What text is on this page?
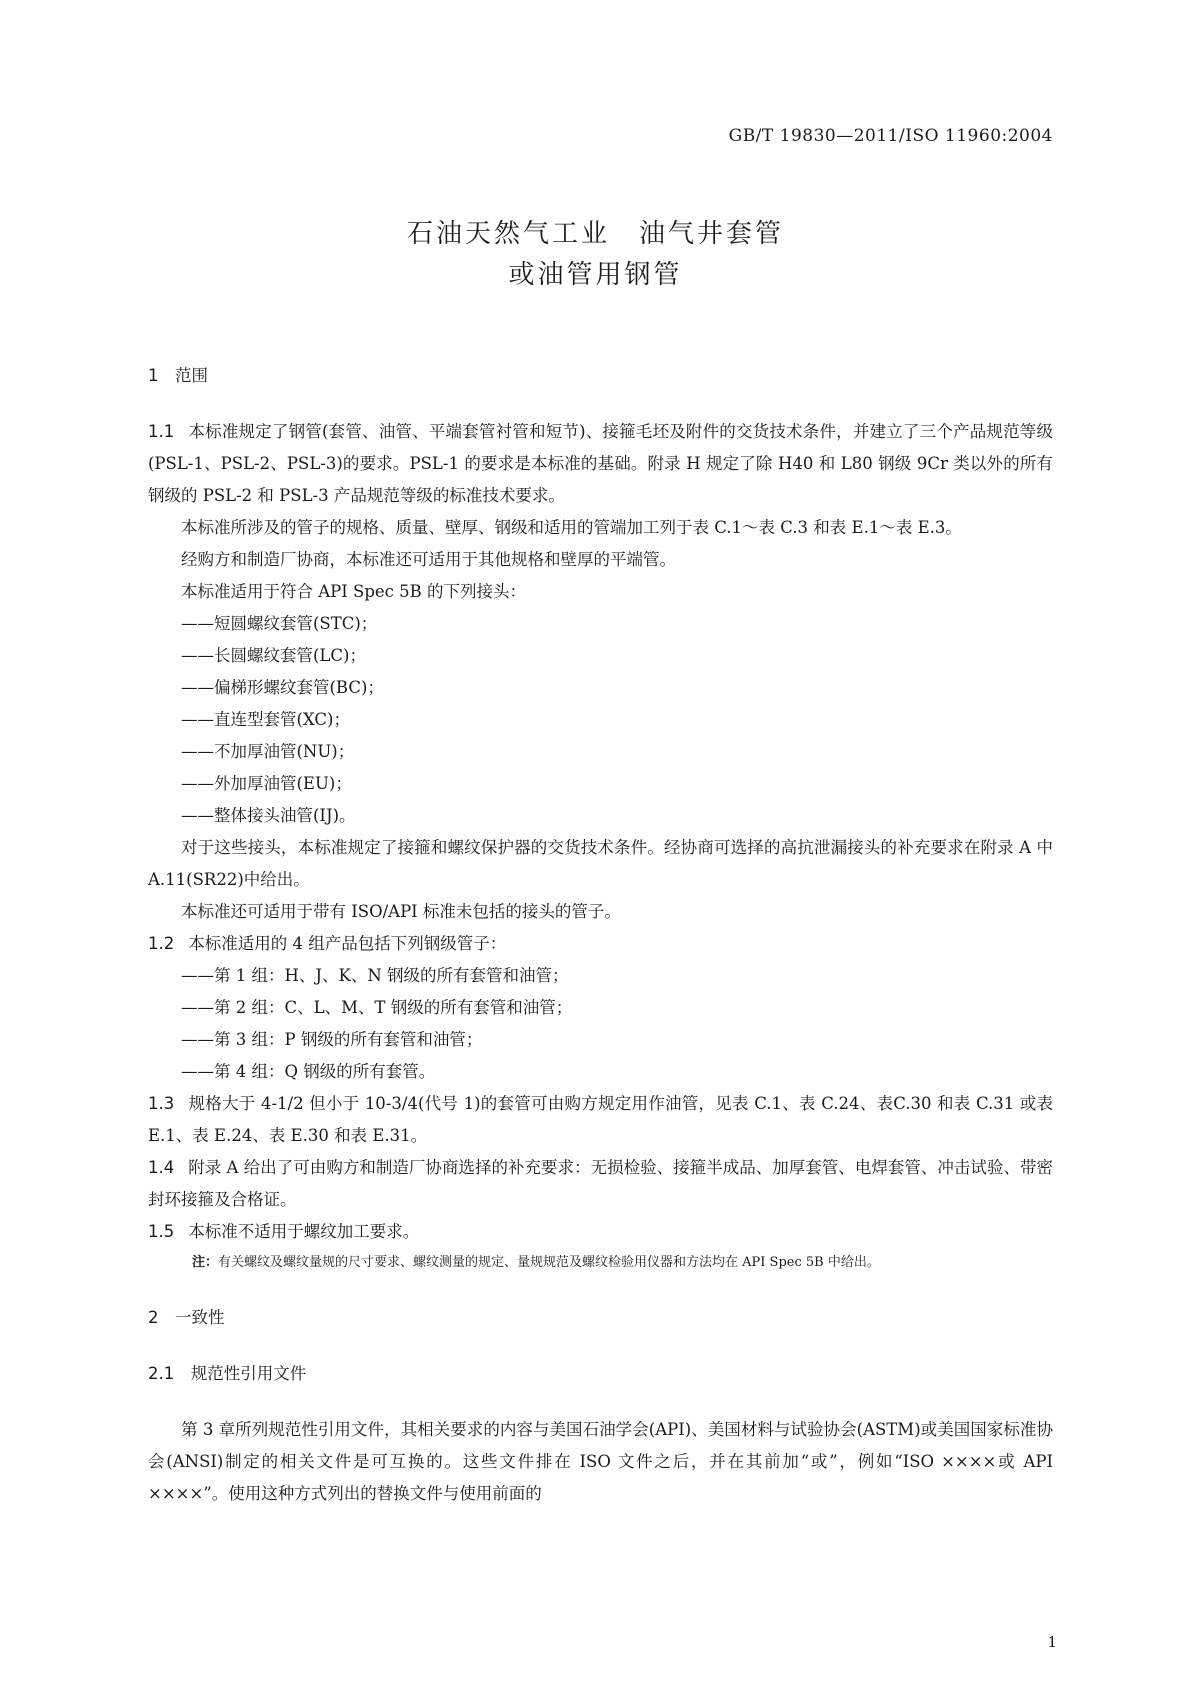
GB/T 19830—2011/ISO 11960:2004
石油天然气工业　油气井套管
或油管用钢管

1　范围

1.1 本标准规定了钢管(套管、油管、平端套管衬管和短节)、接箍毛坯及附件的交货技术条件，并建立了三个产品规范等级(PSL-1、PSL-2、PSL-3)的要求。PSL-1 的要求是本标准的基础。附录 H 规定了除 H40 和 L80 钢级 9Cr 类以外的所有钢级的 PSL-2 和 PSL-3 产品规范等级的标准技术要求。

本标准所涉及的管子的规格、质量、壁厚、钢级和适用的管端加工列于表 C.1～表 C.3 和表 E.1～表 E.3。

经购方和制造厂协商，本标准还可适用于其他规格和壁厚的平端管。

本标准适用于符合 API Spec 5B 的下列接头：

——短圆螺纹套管(STC)；

——长圆螺纹套管(LC)；

——偏梯形螺纹套管(BC)；

——直连型套管(XC)；

——不加厚油管(NU)；

——外加厚油管(EU)；

——整体接头油管(IJ)。

对于这些接头，本标准规定了接箍和螺纹保护器的交货技术条件。经协商可选择的高抗泄漏接头的补充要求在附录 A 中 A.11(SR22)中给出。

本标准还可适用于带有 ISO/API 标准未包括的接头的管子。

1.2 本标准适用的 4 组产品包括下列钢级管子：

——第 1 组：H、J、K、N 钢级的所有套管和油管；

——第 2 组：C、L、M、T 钢级的所有套管和油管；

——第 3 组：P 钢级的所有套管和油管；

——第 4 组：Q 钢级的所有套管。

1.3 规格大于 4-1/2 但小于 10-3/4(代号 1)的套管可由购方规定用作油管，见表 C.1、表 C.24、表C.30 和表 C.31 或表 E.1、表 E.24、表 E.30 和表 E.31。

1.4 附录 A 给出了可由购方和制造厂协商选择的补充要求：无损检验、接箍半成品、加厚套管、电焊套管、冲击试验、带密封环接箍及合格证。

1.5 本标准不适用于螺纹加工要求。

注：有关螺纹及螺纹量规的尺寸要求、螺纹测量的规定、量规规范及螺纹检验用仪器和方法均在 API Spec 5B 中给出。

2　一致性

2.1　规范性引用文件

第 3 章所列规范性引用文件，其相关要求的内容与美国石油学会(API)、美国材料与试验协会(ASTM)或美国国家标准协会(ANSI)制定的相关文件是可互换的。这些文件排在 ISO 文件之后，并在其前加“或”，例如“ISO ××××或 API ××××”。使用这种方式列出的替换文件与使用前面的

1
